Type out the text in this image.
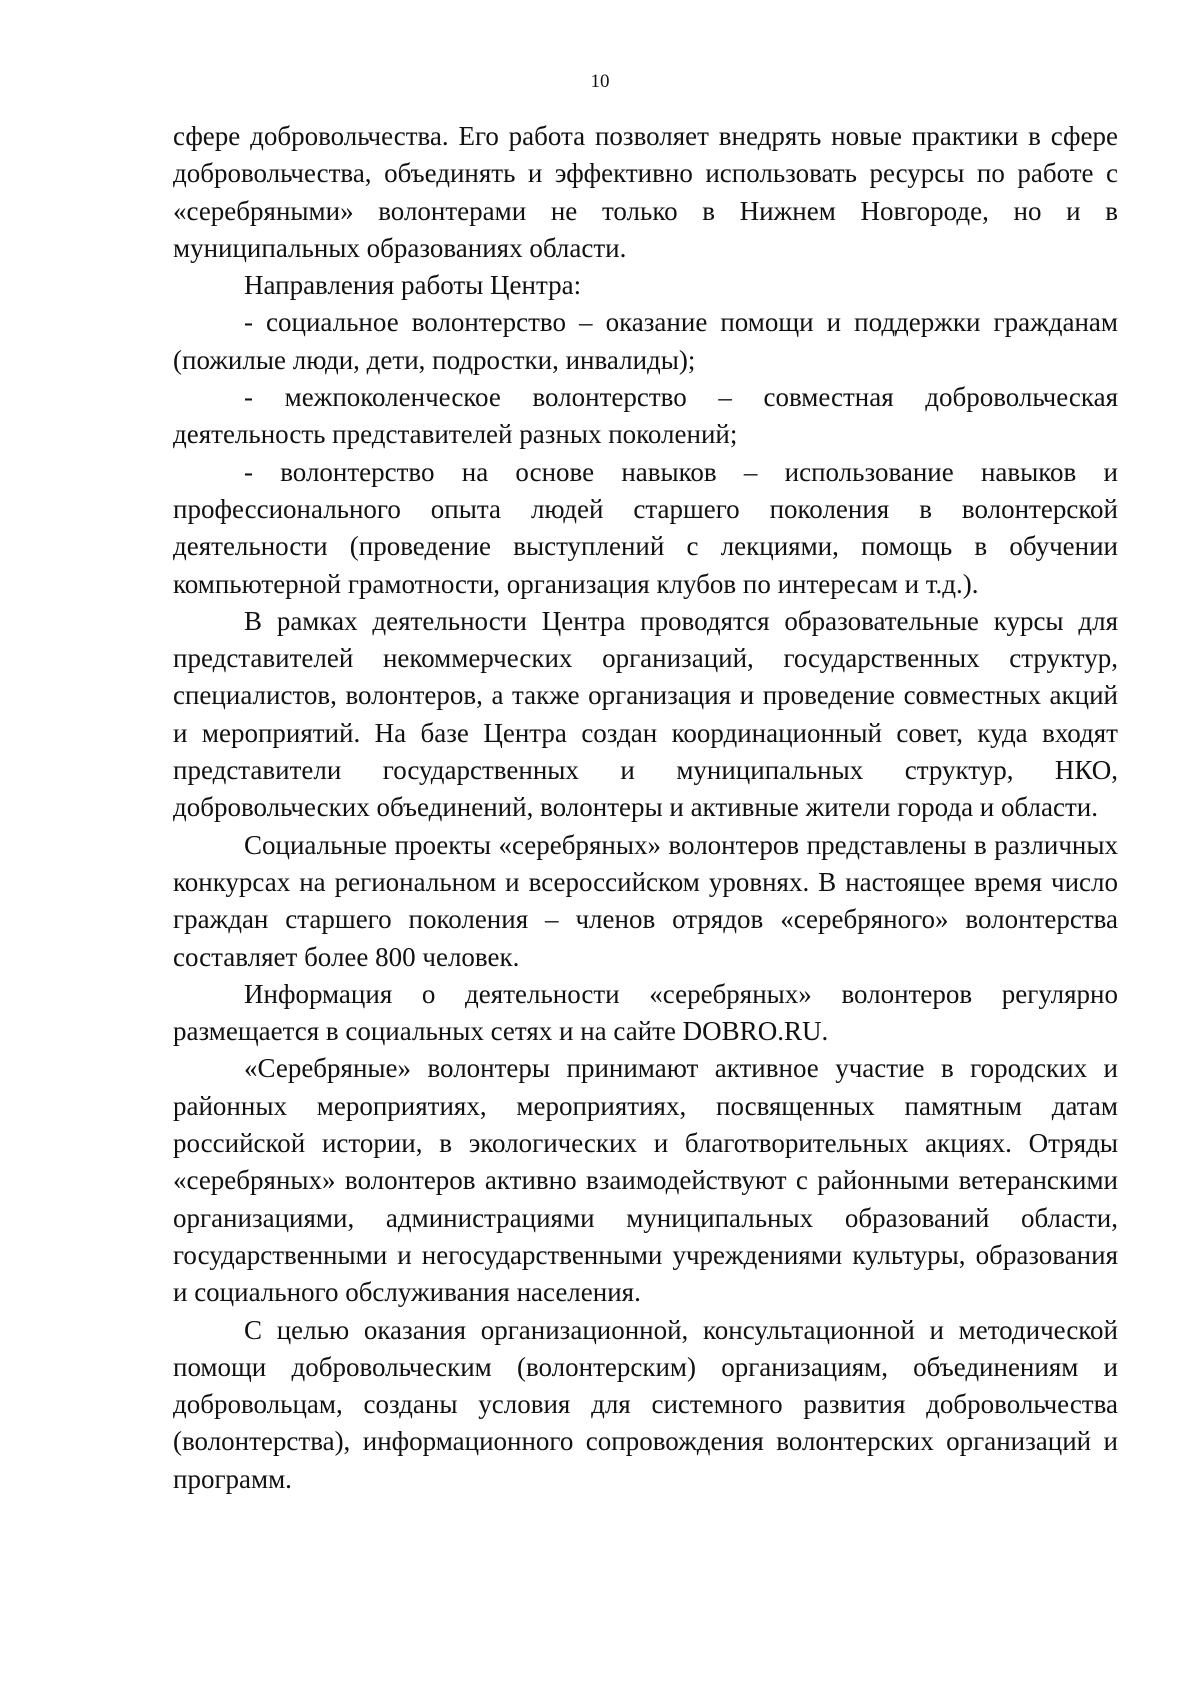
10

сфере добровольчества. Его работа позволяет внедрять новые практики в сфере добровольчества, объединять и эффективно использовать ресурсы по работе с «серебряными» волонтерами не только в Нижнем Новгороде, но и в муниципальных образованиях области.

Направления работы Центра:

- социальное волонтерство – оказание помощи и поддержки гражданам (пожилые люди, дети, подростки, инвалиды);

- межпоколенческое волонтерство – совместная добровольческая деятельность представителей разных поколений;

- волонтерство на основе навыков – использование навыков и профессионального опыта людей старшего поколения в волонтерской деятельности (проведение выступлений с лекциями, помощь в обучении компьютерной грамотности, организация клубов по интересам и т.д.).

В рамках деятельности Центра проводятся образовательные курсы для представителей некоммерческих организаций, государственных структур, специалистов, волонтеров, а также организация и проведение совместных акций и мероприятий. На базе Центра создан координационный совет, куда входят представители государственных и муниципальных структур, НКО, добровольческих объединений, волонтеры и активные жители города и области.

Социальные проекты «серебряных» волонтеров представлены в различных конкурсах на региональном и всероссийском уровнях. В настоящее время число граждан старшего поколения – членов отрядов «серебряного» волонтерства составляет более 800 человек.

Информация о деятельности «серебряных» волонтеров регулярно размещается в социальных сетях и на сайте DOBRO.RU.

«Серебряные» волонтеры принимают активное участие в городских и районных мероприятиях, мероприятиях, посвященных памятным датам российской истории, в экологических и благотворительных акциях. Отряды «серебряных» волонтеров активно взаимодействуют с районными ветеранскими организациями, администрациями муниципальных образований области, государственными и негосударственными учреждениями культуры, образования и социального обслуживания населения.

С целью оказания организационной, консультационной и методической помощи добровольческим (волонтерским) организациям, объединениям и добровольцам, созданы условия для системного развития добровольчества (волонтерства), информационного сопровождения волонтерских организаций и программ.
